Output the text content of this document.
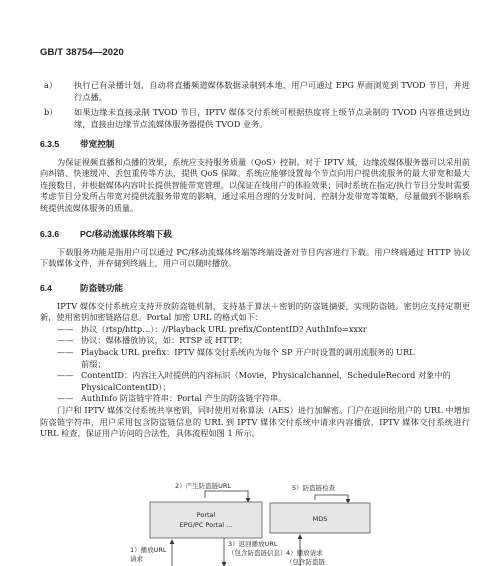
GB/T 38754—2020
a）	执行已有录播计划，自动将直播频道媒体数据录制到本地，用户可通过 EPG 界面浏览到 TVOD 节目，并进行点播。
b）	如果边缘未直接录制 TVOD 节目，IPTV 媒体交付系统可根据热度将上级节点录制的 TVOD 内容推送到边缘，直接由边缘节点流媒体服务器提供 TVOD 业务。
6.3.5 带宽控制

为保证视频直播和点播的效果，系统应支持服务质量（QoS）控制。对于 IPTV 域，边缘流媒体服务器可以采用前向纠错、快速缓冲、丢包重传等方法，提供 QoS 保障。系统应能够设置每个节点向用户提供流服务的最大带宽和最大连接数目，并根据媒体内容时长提供智能带宽管理，以保证在线用户的体验效果；同时系统在指定/执行节目分发时需要考虑节目分发所占带宽对提供流服务带宽的影响，通过采用合理的分发时间、控制分发带宽等策略，尽量做到不影响系统提供流媒体服务的质量。

6.3.6 PC/移动流媒体终端下载

下载服务功能是指用户可以通过 PC/移动流媒体终端等终端设备对节目内容进行下载。用户终端通过 HTTP 协议下载媒体文件，并存储到终端上，用户可以随时播放。

6.4	防盗链功能

IPTV 媒体交付系统应支持开放防盗链机制，支持基于算法＋密钥的防盗链摘要，实现防盗链。密钥应支持定期更新，使用密钥加密链路信息。Portal 加密 URL 的格式如下：

—— 协议（rtsp/http…）：//Playback URL prefix/ContentID? AuthInfo=xxxr
—— 协议：媒体播放协议，如：RTSP 或 HTTP；
—— Playback URL prefix：IPTV 媒体交付系统内为每个 SP 开户时设置的调用流服务的 URL
前缀；
—— ContentID：内容注入时提供的内容标识（Movie，Physicalchannel，ScheduleRecord 对象中的
PhysicalContentID）；
—— AuthInfo 防盗链字符串：Portal 产生的防盗链字符串。

门户和 IPTV 媒体交付系统共享密钥，同时使用对称算法（AES）进行加解密。门户在返回给用户的 URL 中增加防盗链字符串，用户采用包含防盗链信息的 URL 到 IPTV 媒体交付系统中请求内容播放，IPTV 媒体交付系统进行 URL 检查，保证用户访问的合法性，具体流程如图 1 所示。

2）产生防盗链URL
Portal
EPG/PC Portal ...
5）防盗链检查
MDS
3）返回播放URL
（包含防盗链信息）
1）播放URL
请求
4）播放请求
（包含防盗链
